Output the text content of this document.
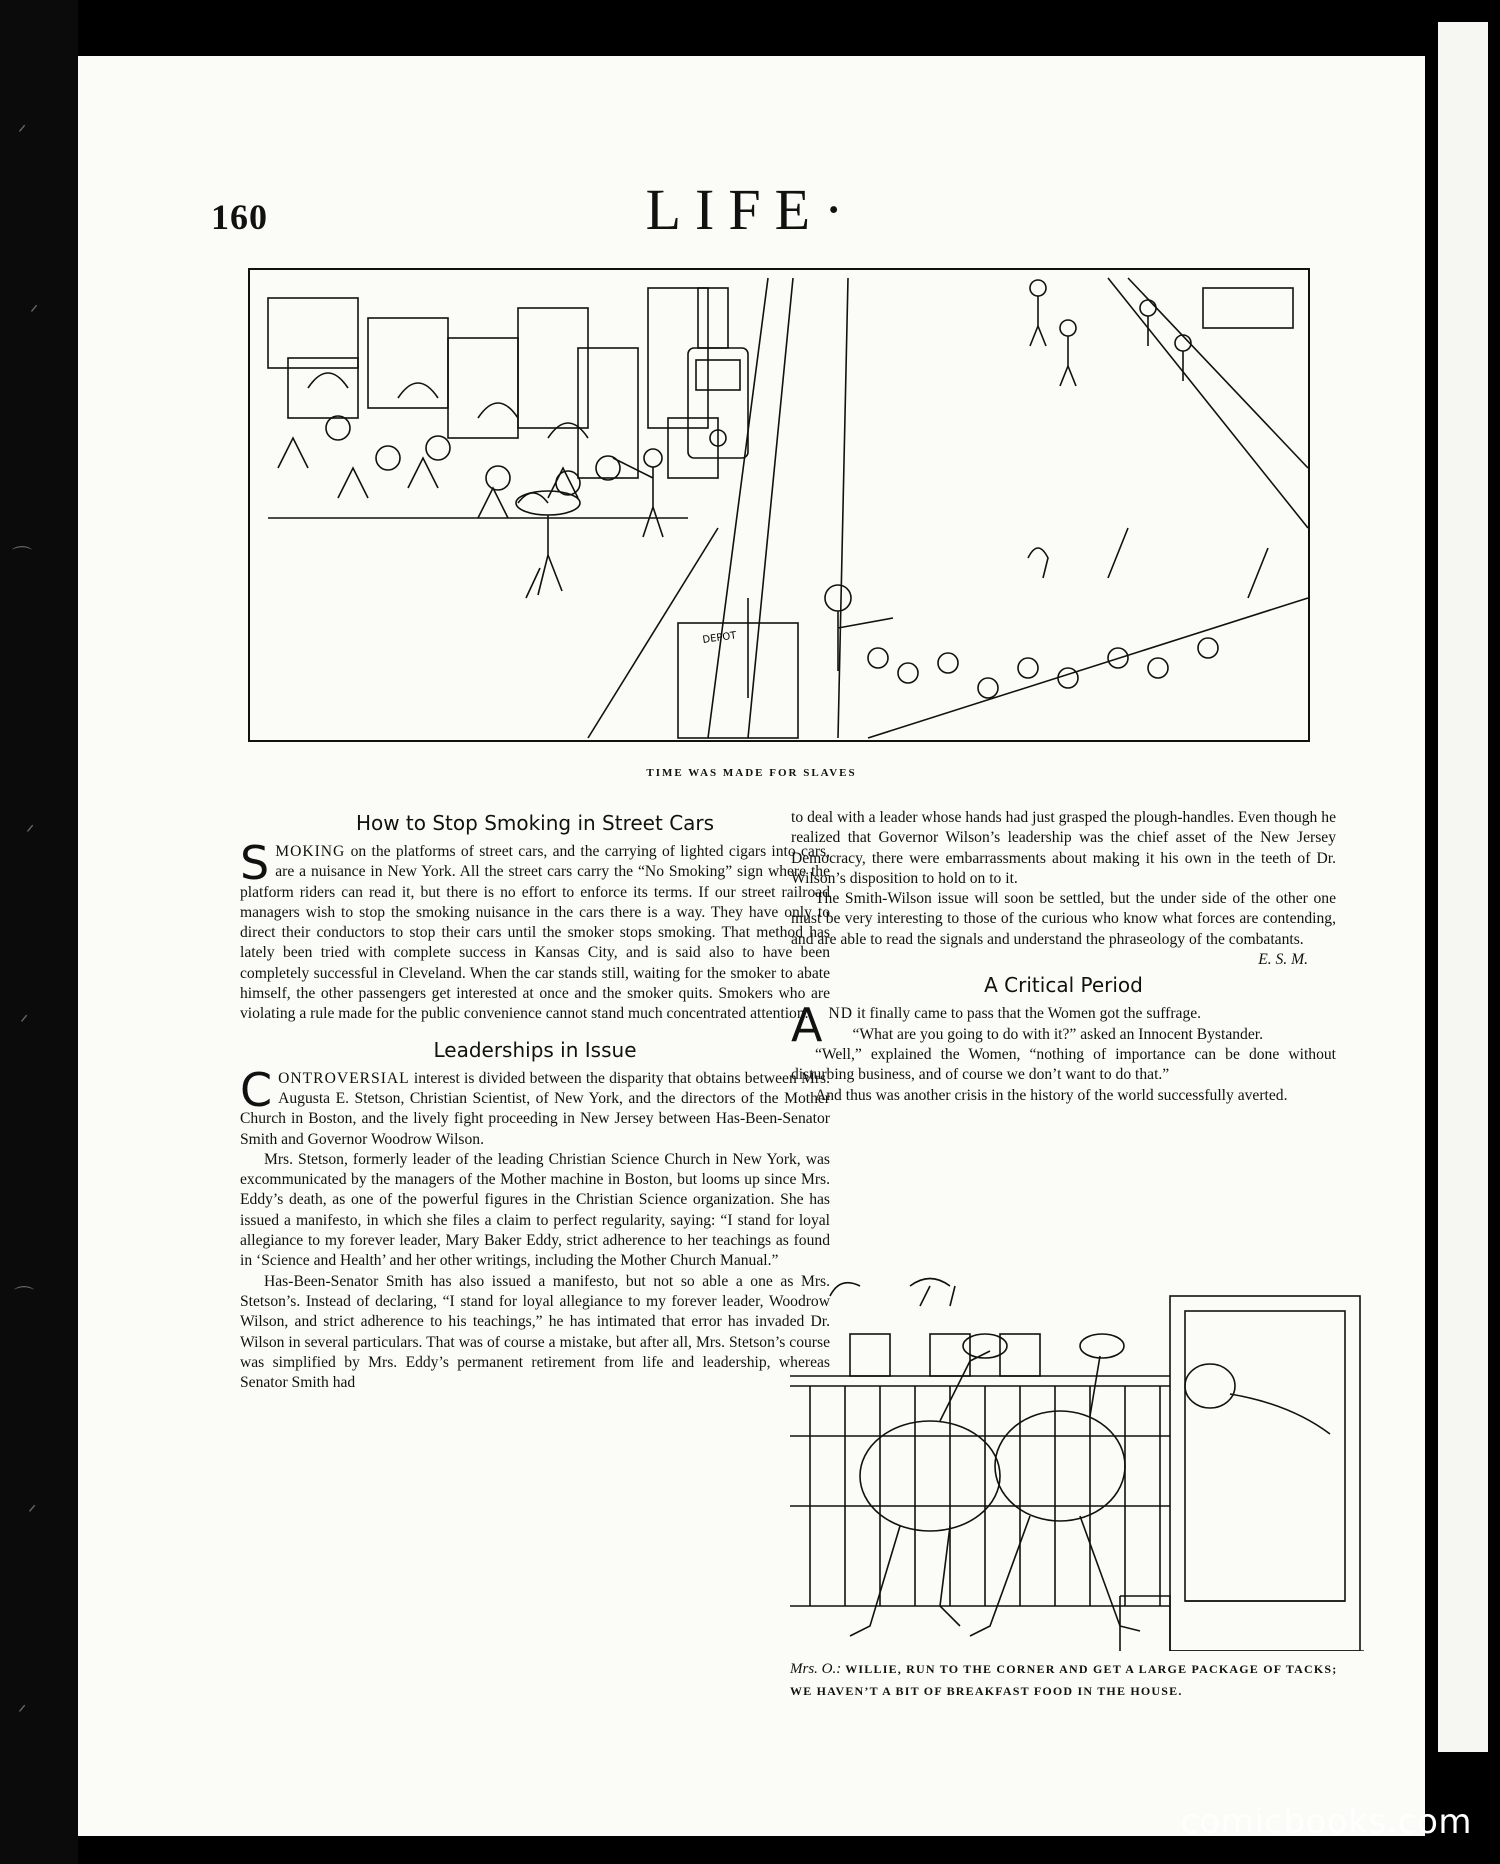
ᐟ
ᐟ
⌒
ᐟ
ᐟ
⌒
ᐟ
ᐟ
160	LIFE·
DEPOT
TIME WAS MADE FOR SLAVES
How to Stop Smoking in Street Cars

SMOKING on the platforms of street cars, and the carrying of lighted cigars into cars, are a nuisance in New York. All the street cars carry the “No Smoking” sign where the platform riders can read it, but there is no effort to enforce its terms. If our street railroad managers wish to stop the smoking nuisance in the cars there is a way. They have only to direct their conductors to stop their cars until the smoker stops smoking. That method has lately been tried with complete success in Kansas City, and is said also to have been completely successful in Cleveland. When the car stands still, waiting for the smoker to abate himself, the other passengers get interested at once and the smoker quits. Smokers who are violating a rule made for the public convenience cannot stand much concentrated attention.

Leaderships in Issue

CONTROVERSIAL interest is divided between the disparity that obtains between Mrs. Augusta E. Stetson, Christian Scientist, of New York, and the directors of the Mother Church in Boston, and the lively fight proceeding in New Jersey between Has-Been-Senator Smith and Governor Woodrow Wilson.

Mrs. Stetson, formerly leader of the leading Christian Science Church in New York, was excommunicated by the managers of the Mother machine in Boston, but looms up since Mrs. Eddy’s death, as one of the powerful figures in the Christian Science organization. She has issued a manifesto, in which she files a claim to perfect regularity, saying: “I stand for loyal allegiance to my forever leader, Mary Baker Eddy, strict adherence to her teachings as found in ‘Science and Health’ and her other writings, including the Mother Church Manual.”

Has-Been-Senator Smith has also issued a manifesto, but not so able a one as Mrs. Stetson’s. Instead of declaring, “I stand for loyal allegiance to my forever leader, Woodrow Wilson, and strict adherence to his teachings,” he has intimated that error has invaded Dr. Wilson in several particulars. That was of course a mistake, but after all, Mrs. Stetson’s course was simplified by Mrs. Eddy’s permanent retirement from life and leadership, whereas Senator Smith had

to deal with a leader whose hands had just grasped the plough-handles. Even though he realized that Governor Wilson’s leadership was the chief asset of the New Jersey Democracy, there were embarrassments about making it his own in the teeth of Dr. Wilson’s disposition to hold on to it.

The Smith-Wilson issue will soon be settled, but the under side of the other one must be very interesting to those of the curious who know what forces are contending, and are able to read the signals and understand the phraseology of the combatants.
E. S. M.

A Critical Period

AND it finally came to pass that the Women got the suffrage.

“What are you going to do with it?” asked an Innocent Bystander.

“Well,” explained the Women, “nothing of importance can be done without disturbing business, and of course we don’t want to do that.”

And thus was another crisis in the history of the world successfully averted.

Mrs. O.: WILLIE, RUN TO THE CORNER AND GET A LARGE PACKAGE OF TACKS; WE HAVEN’T A BIT OF BREAKFAST FOOD IN THE HOUSE.
comicbooks.com
